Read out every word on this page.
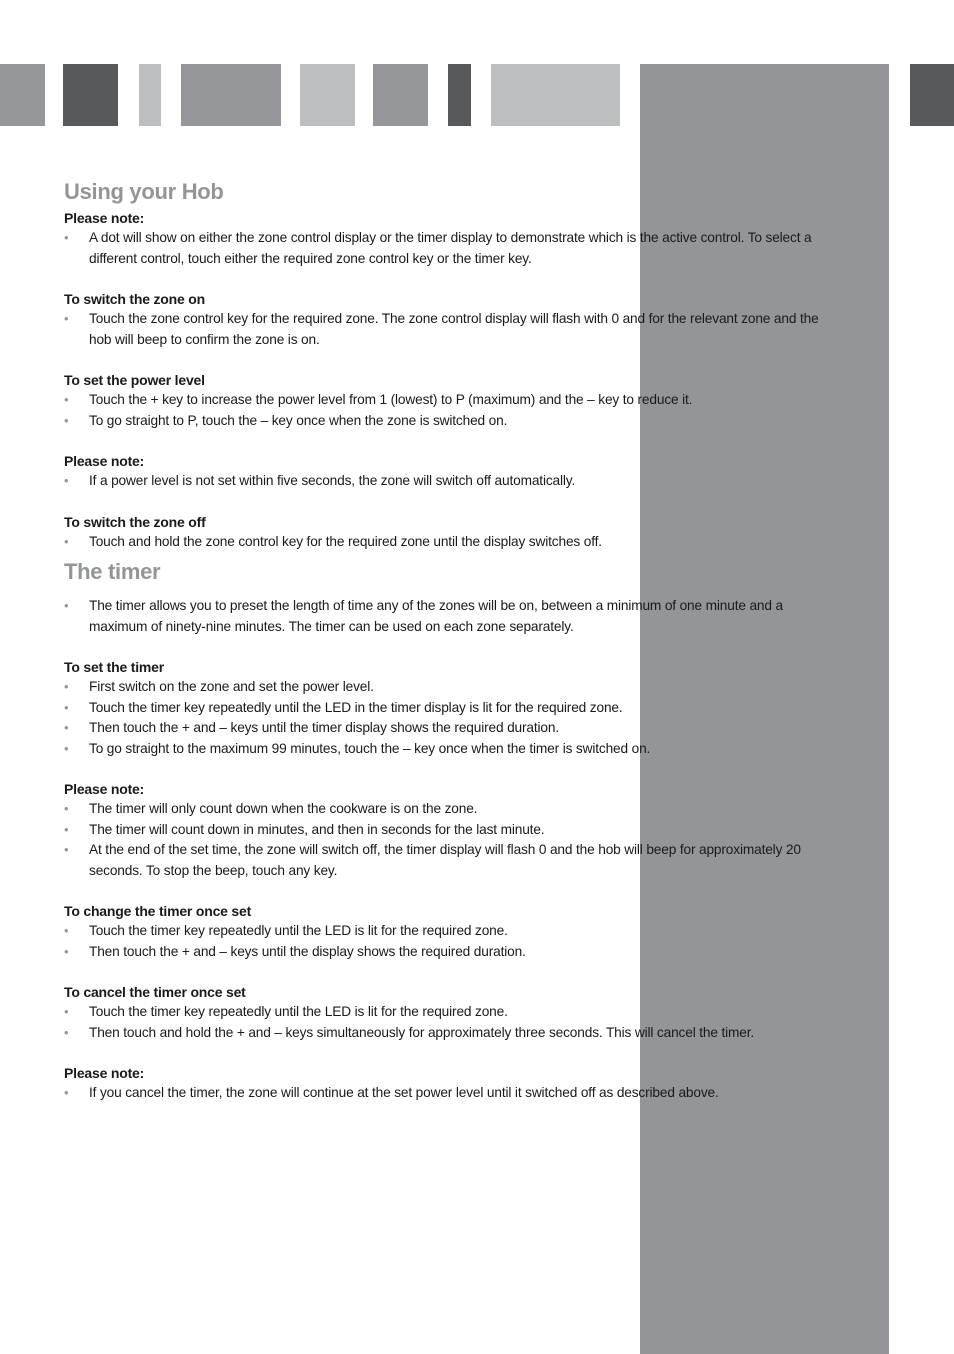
Using your Hob
Please note:
• A dot will show on either the zone control display or the timer display to demonstrate which is the active control. To select a different control, touch either the required zone control key or the timer key.
To switch the zone on
• Touch the zone control key for the required zone. The zone control display will flash with 0 and for the relevant zone and the hob will beep to confirm the zone is on.
To set the power level
• Touch the + key to increase the power level from 1 (lowest) to P (maximum) and the – key to reduce it.
• To go straight to P, touch the – key once when the zone is switched on.
Please note:
• If a power level is not set within five seconds, the zone will switch off automatically.
To switch the zone off
• Touch and hold the zone control key for the required zone until the display switches off.
The timer
• The timer allows you to preset the length of time any of the zones will be on, between a minimum of one minute and a maximum of ninety-nine minutes. The timer can be used on each zone separately.
To set the timer
• First switch on the zone and set the power level.
• Touch the timer key repeatedly until the LED in the timer display is lit for the required zone.
• Then touch the + and – keys until the timer display shows the required duration.
• To go straight to the maximum 99 minutes, touch the – key once when the timer is switched on.
Please note:
• The timer will only count down when the cookware is on the zone.
• The timer will count down in minutes, and then in seconds for the last minute.
• At the end of the set time, the zone will switch off, the timer display will flash 0 and the hob will beep for approximately 20 seconds. To stop the beep, touch any key.
To change the timer once set
• Touch the timer key repeatedly until the LED is lit for the required zone.
• Then touch the + and – keys until the display shows the required duration.
To cancel the timer once set
• Touch the timer key repeatedly until the LED is lit for the required zone.
• Then touch and hold the + and – keys simultaneously for approximately three seconds. This will cancel the timer.
Please note:
• If you cancel the timer, the zone will continue at the set power level until it switched off as described above.
